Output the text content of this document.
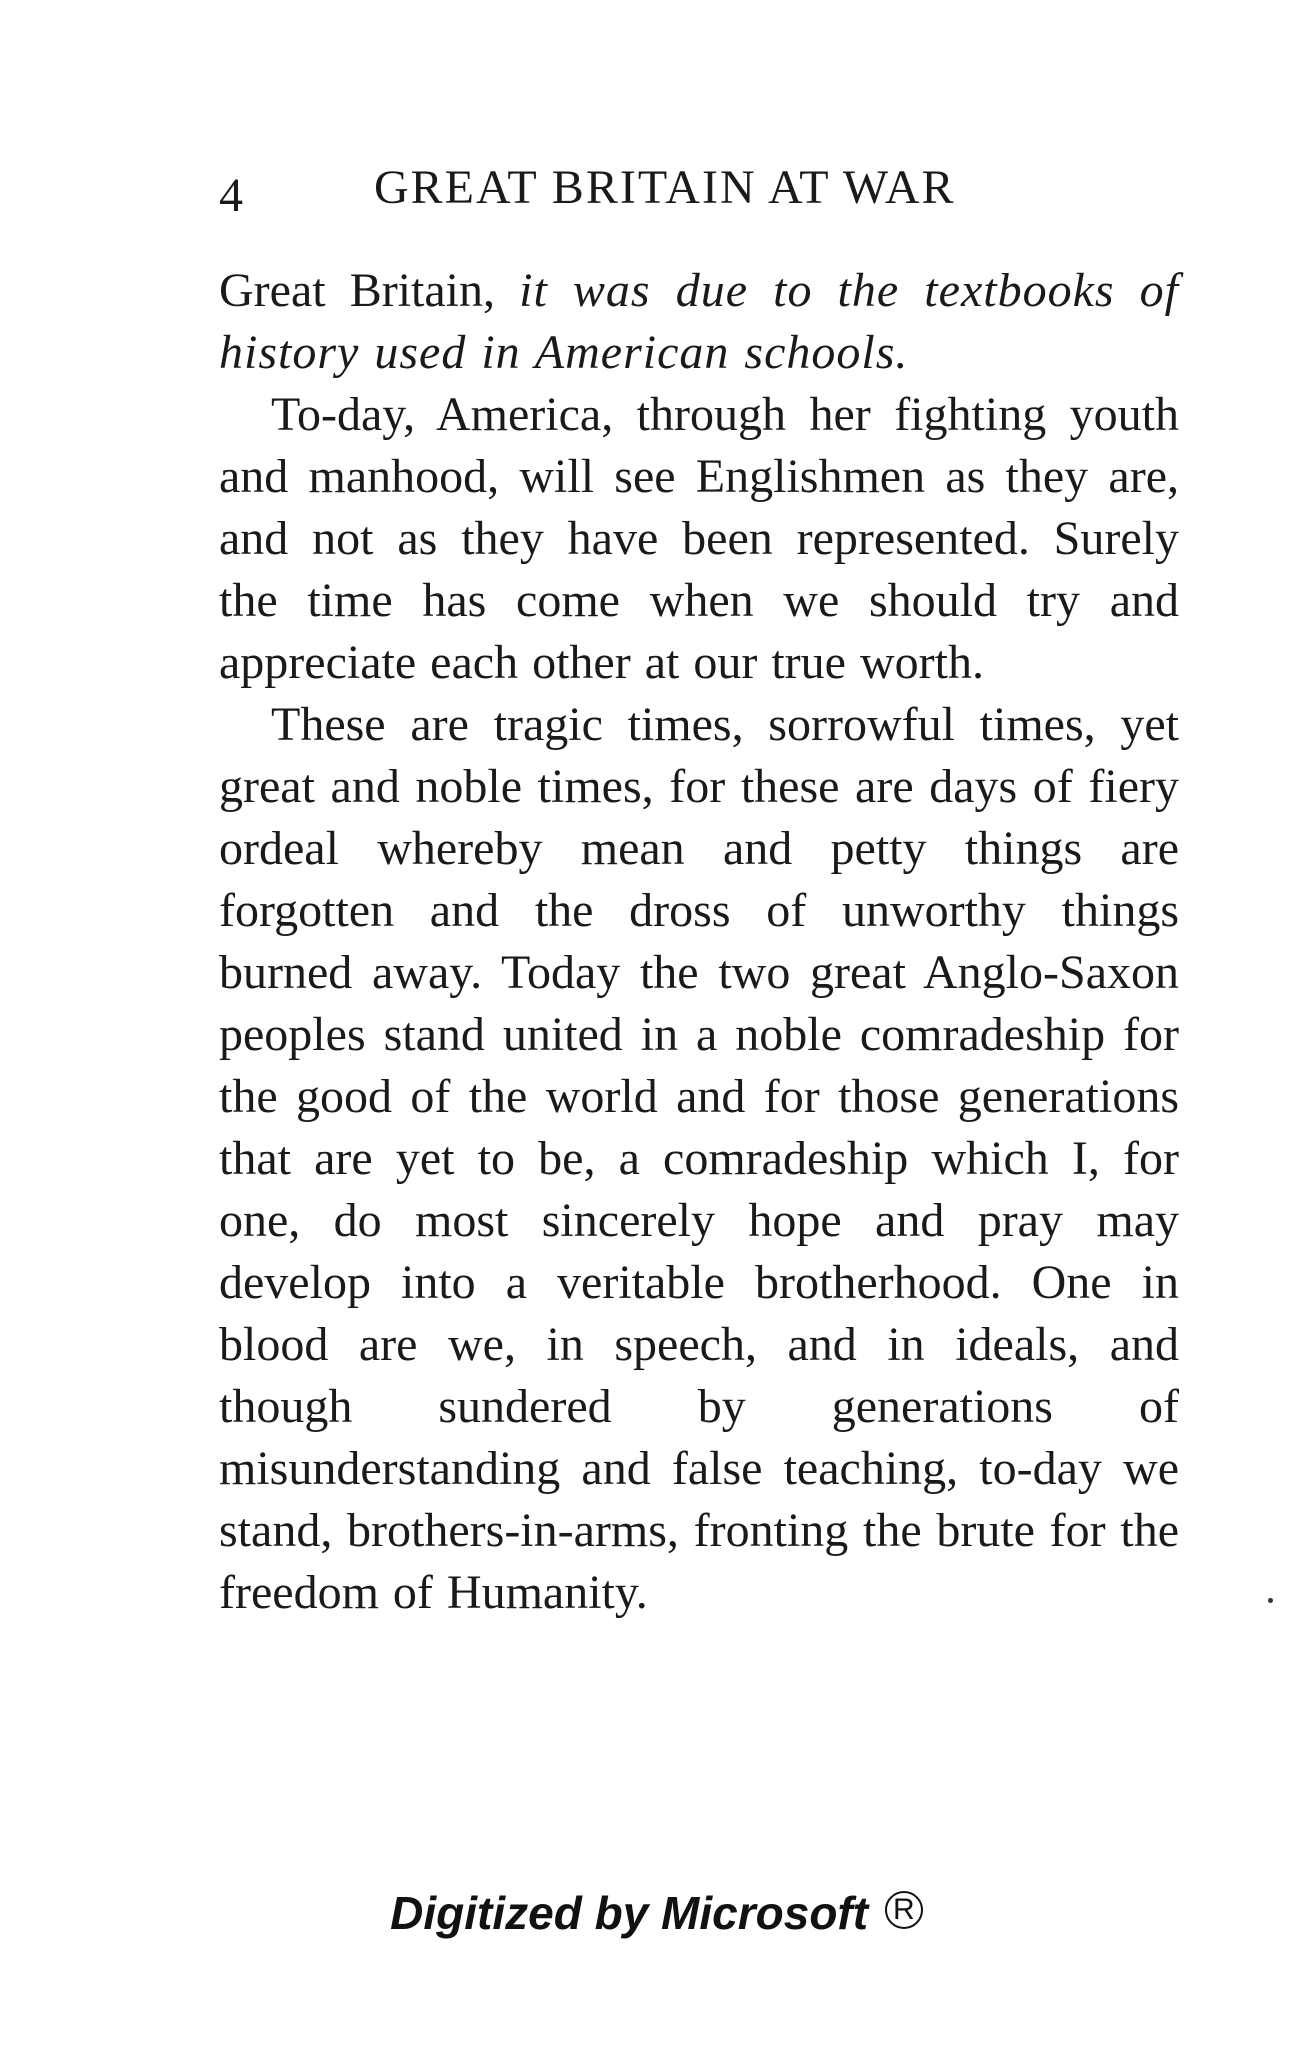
4	GREAT BRITAIN AT WAR

Great Britain, it was due to the textbooks of history used in American schools.

To-day, America, through her fighting youth and manhood, will see Englishmen as they are, and not as they have been represented. Surely the time has come when we should try and appreciate each other at our true worth.

These are tragic times, sorrowful times, yet great and noble times, for these are days of fiery ordeal whereby mean and petty things are forgotten and the dross of unworthy things burned away. Today the two great Anglo-Saxon peoples stand united in a noble comradeship for the good of the world and for those generations that are yet to be, a comradeship which I, for one, do most sincerely hope and pray may develop into a veritable brotherhood. One in blood are we, in speech, and in ideals, and though sundered by generations of misunderstanding and false teaching, to-day we stand, brothers-in-arms, fronting the brute for the freedom of Humanity.

Digitized by Microsoft R
